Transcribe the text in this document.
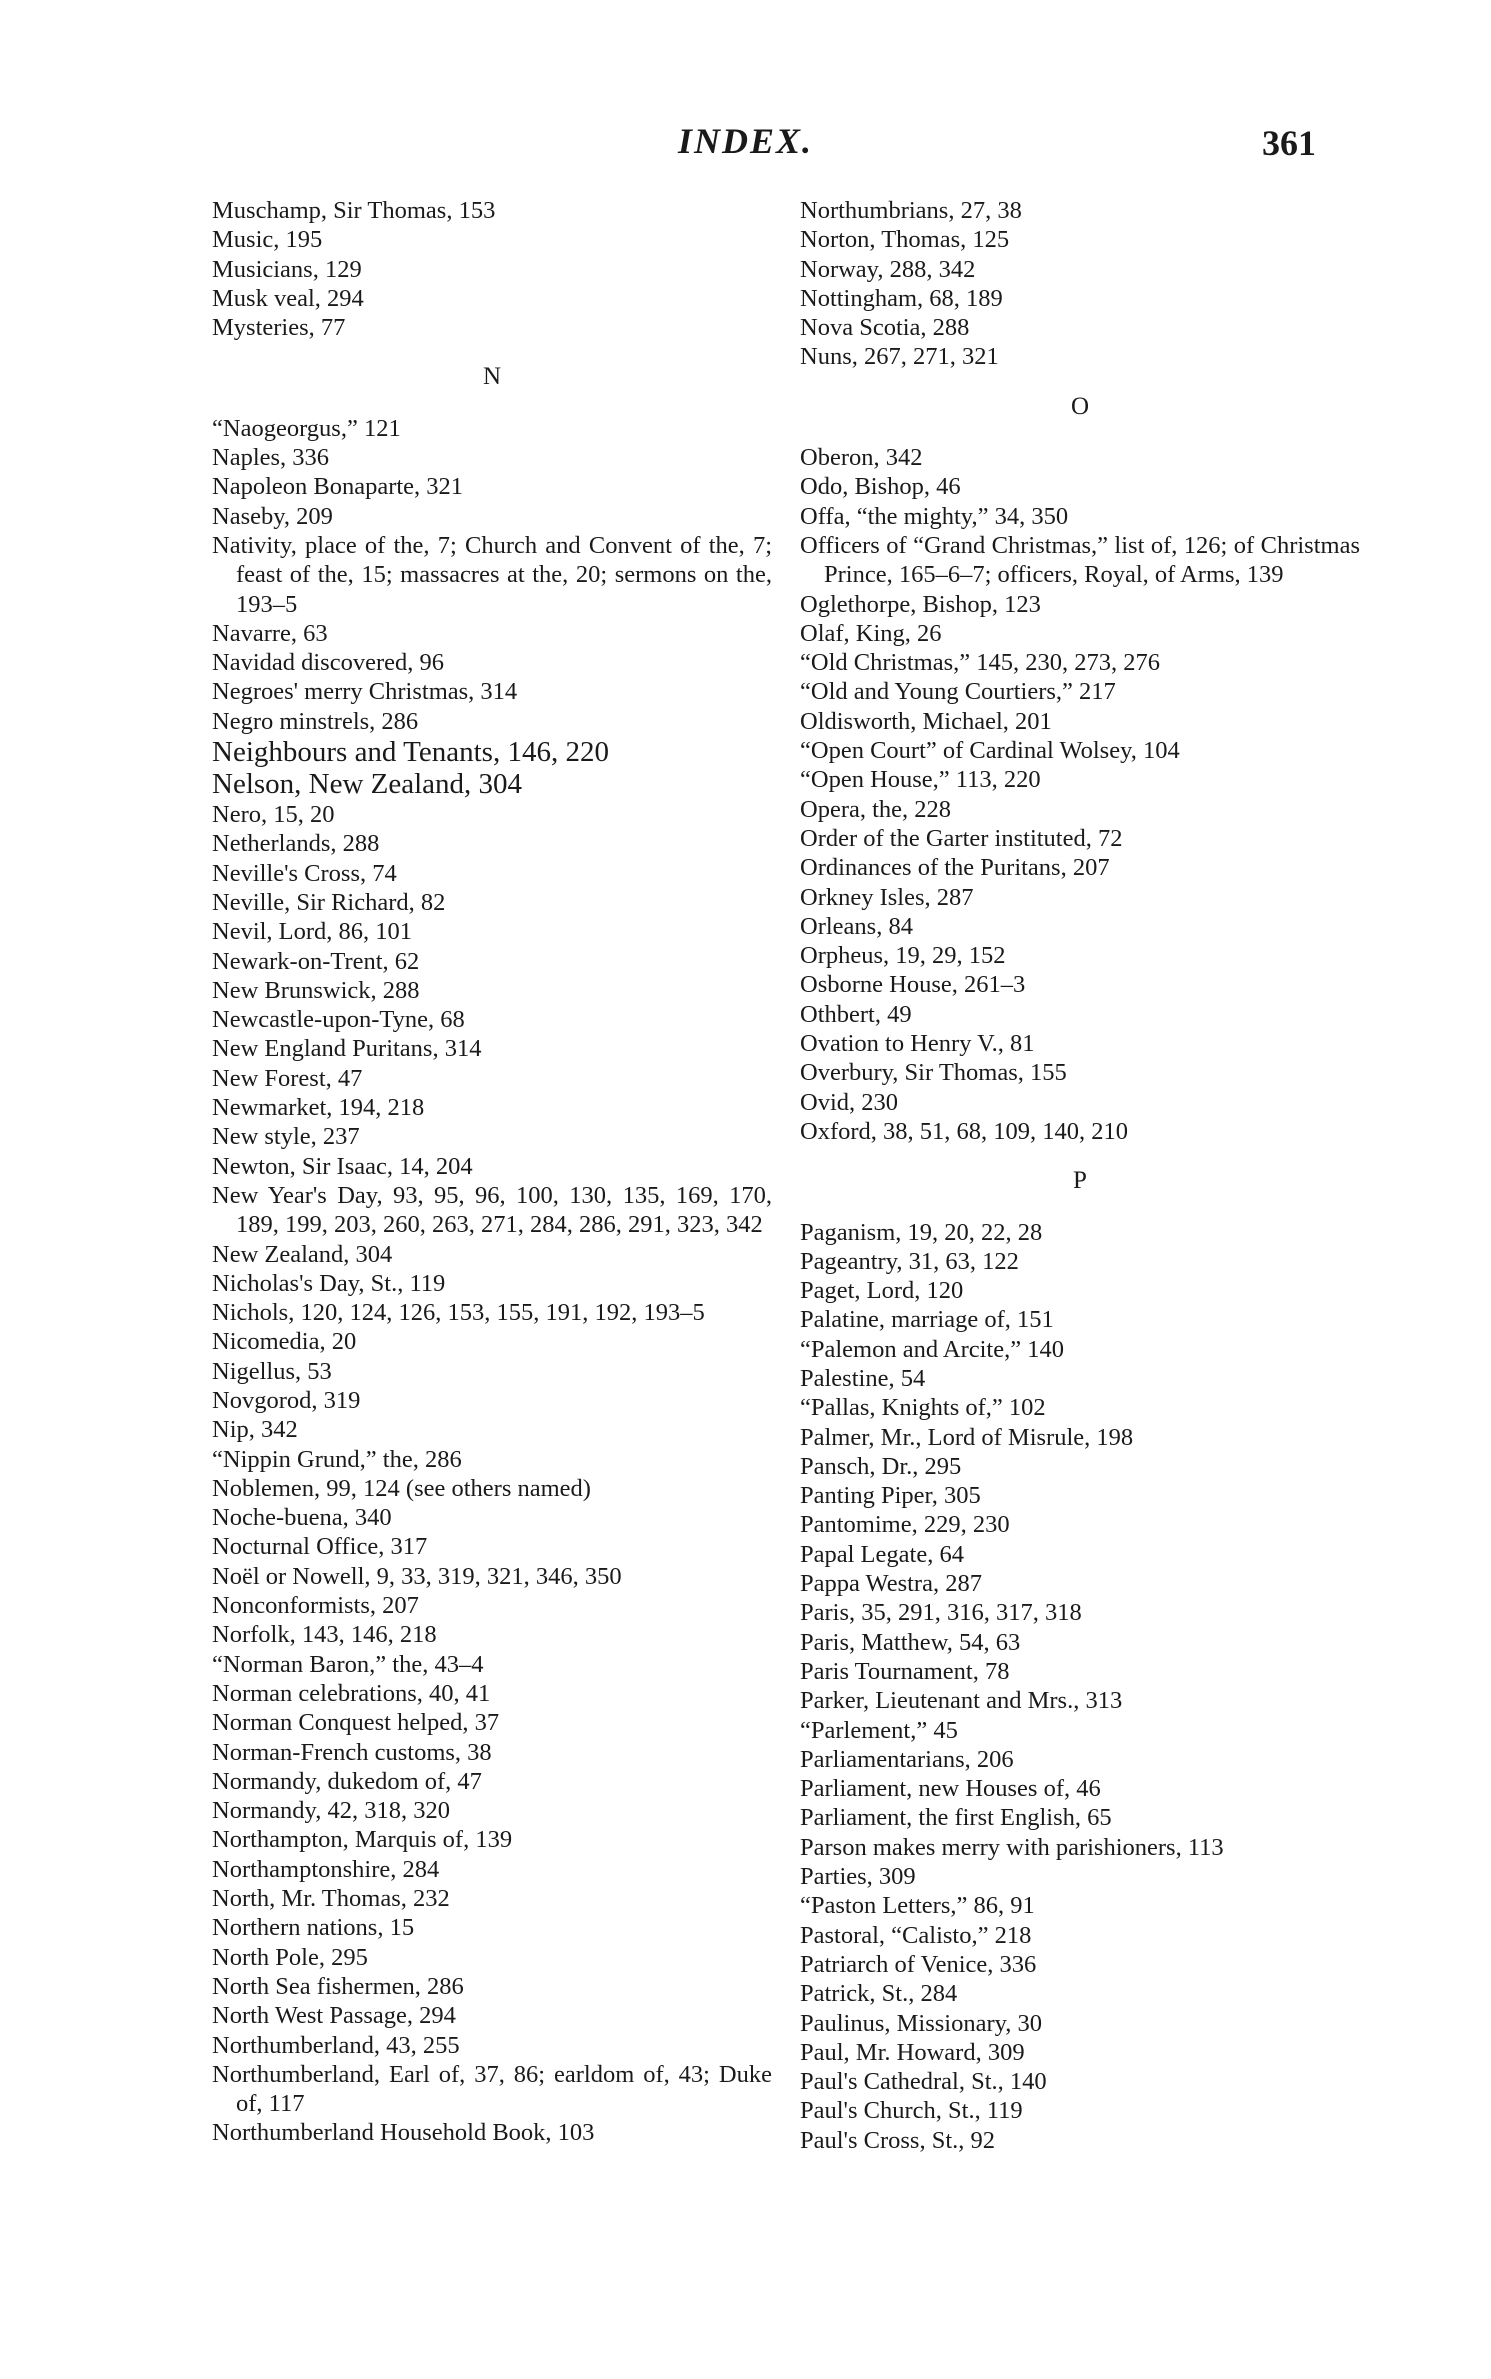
INDEX.	361
Muschamp, Sir Thomas, 153
Music, 195
Musicians, 129
Musk veal, 294
Mysteries, 77
N
“Naogeorgus,” 121
Naples, 336
Napoleon Bonaparte, 321
Naseby, 209
Nativity, place of the, 7; Church and Convent of the, 7; feast of the, 15; massacres at the, 20; sermons on the, 193–5
Navarre, 63
Navidad discovered, 96
Negroes' merry Christmas, 314
Negro minstrels, 286
Neighbours and Tenants, 146, 220
Nelson, New Zealand, 304
Nero, 15, 20
Netherlands, 288
Neville's Cross, 74
Neville, Sir Richard, 82
Nevil, Lord, 86, 101
Newark-on-Trent, 62
New Brunswick, 288
Newcastle-upon-Tyne, 68
New England Puritans, 314
New Forest, 47
Newmarket, 194, 218
New style, 237
Newton, Sir Isaac, 14, 204
New Year's Day, 93, 95, 96, 100, 130, 135, 169, 170, 189, 199, 203, 260, 263, 271, 284, 286, 291, 323, 342
New Zealand, 304
Nicholas's Day, St., 119
Nichols, 120, 124, 126, 153, 155, 191, 192, 193–5
Nicomedia, 20
Nigellus, 53
Novgorod, 319
Nip, 342
“Nippin Grund,” the, 286
Noblemen, 99, 124 (see others named)
Noche-buena, 340
Nocturnal Office, 317
Noël or Nowell, 9, 33, 319, 321, 346, 350
Nonconformists, 207
Norfolk, 143, 146, 218
“Norman Baron,” the, 43–4
Norman celebrations, 40, 41
Norman Conquest helped, 37
Norman-French customs, 38
Normandy, dukedom of, 47
Normandy, 42, 318, 320
Northampton, Marquis of, 139
Northamptonshire, 284
North, Mr. Thomas, 232
Northern nations, 15
North Pole, 295
North Sea fishermen, 286
North West Passage, 294
Northumberland, 43, 255
Northumberland, Earl of, 37, 86; earldom of, 43; Duke of, 117
Northumberland Household Book, 103
Northumbrians, 27, 38
Norton, Thomas, 125
Norway, 288, 342
Nottingham, 68, 189
Nova Scotia, 288
Nuns, 267, 271, 321
O
Oberon, 342
Odo, Bishop, 46
Offa, “the mighty,” 34, 350
Officers of “Grand Christmas,” list of, 126; of Christmas Prince, 165–6–7; officers, Royal, of Arms, 139
Oglethorpe, Bishop, 123
Olaf, King, 26
“Old Christmas,” 145, 230, 273, 276
“Old and Young Courtiers,” 217
Oldisworth, Michael, 201
“Open Court” of Cardinal Wolsey, 104
“Open House,” 113, 220
Opera, the, 228
Order of the Garter instituted, 72
Ordinances of the Puritans, 207
Orkney Isles, 287
Orleans, 84
Orpheus, 19, 29, 152
Osborne House, 261–3
Othbert, 49
Ovation to Henry V., 81
Overbury, Sir Thomas, 155
Ovid, 230
Oxford, 38, 51, 68, 109, 140, 210
P
Paganism, 19, 20, 22, 28
Pageantry, 31, 63, 122
Paget, Lord, 120
Palatine, marriage of, 151
“Palemon and Arcite,” 140
Palestine, 54
“Pallas, Knights of,” 102
Palmer, Mr., Lord of Misrule, 198
Pansch, Dr., 295
Panting Piper, 305
Pantomime, 229, 230
Papal Legate, 64
Pappa Westra, 287
Paris, 35, 291, 316, 317, 318
Paris, Matthew, 54, 63
Paris Tournament, 78
Parker, Lieutenant and Mrs., 313
“Parlement,” 45
Parliamentarians, 206
Parliament, new Houses of, 46
Parliament, the first English, 65
Parson makes merry with parishioners, 113
Parties, 309
“Paston Letters,” 86, 91
Pastoral, “Calisto,” 218
Patriarch of Venice, 336
Patrick, St., 284
Paulinus, Missionary, 30
Paul, Mr. Howard, 309
Paul's Cathedral, St., 140
Paul's Church, St., 119
Paul's Cross, St., 92
